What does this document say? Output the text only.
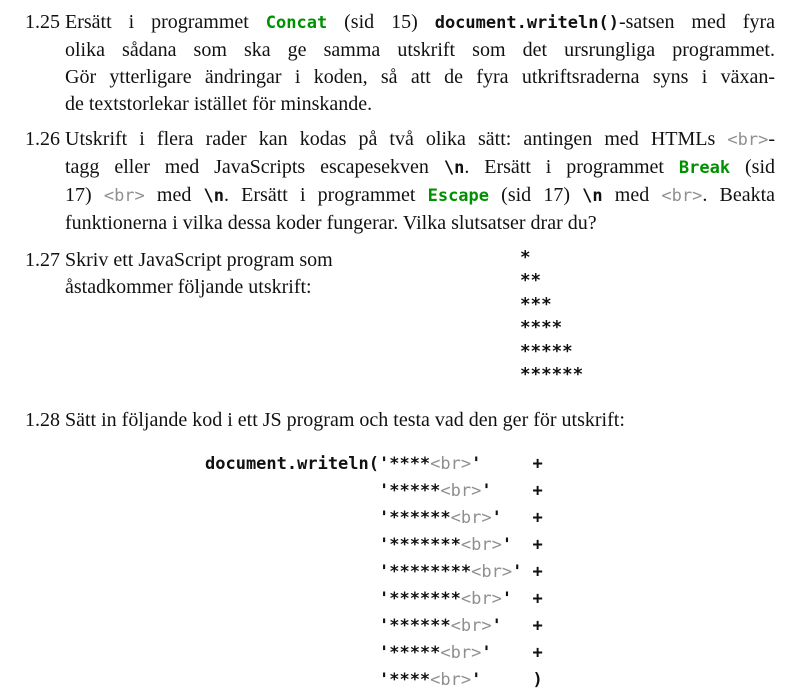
1.25 Ersätt i programmet Concat (sid 15) document.writeln()-satsen med fyra
olika sådana som ska ge samma utskrift som det ursrungliga programmet.
Gör ytterligare ändringar i koden, så att de fyra utkriftsraderna syns i växan-
de textstorlekar istället för minskande.
1.26 Utskrift i flera rader kan kodas på två olika sätt: antingen med HTMLs <br>-
tagg eller med JavaScripts escapesekven \n. Ersätt i programmet Break (sid
17) <br> med \n. Ersätt i programmet Escape (sid 17) \n med <br>. Beakta
funktionerna i vilka dessa koder fungerar. Vilka slutsatser drar du?
1.27 Skriv ett JavaScript program som
åstadkommer följande utskrift:
*
**
***
****
*****
******
1.28 Sätt in följande kod i ett JS program och testa vad den ger för utskrift:
document.writeln('****<br>'     +
'*****<br>'    +
'******<br>'   +
'*******<br>'  +
'********<br>' +
'*******<br>'  +
'******<br>'   +
'*****<br>'    +
'****<br>'     )
